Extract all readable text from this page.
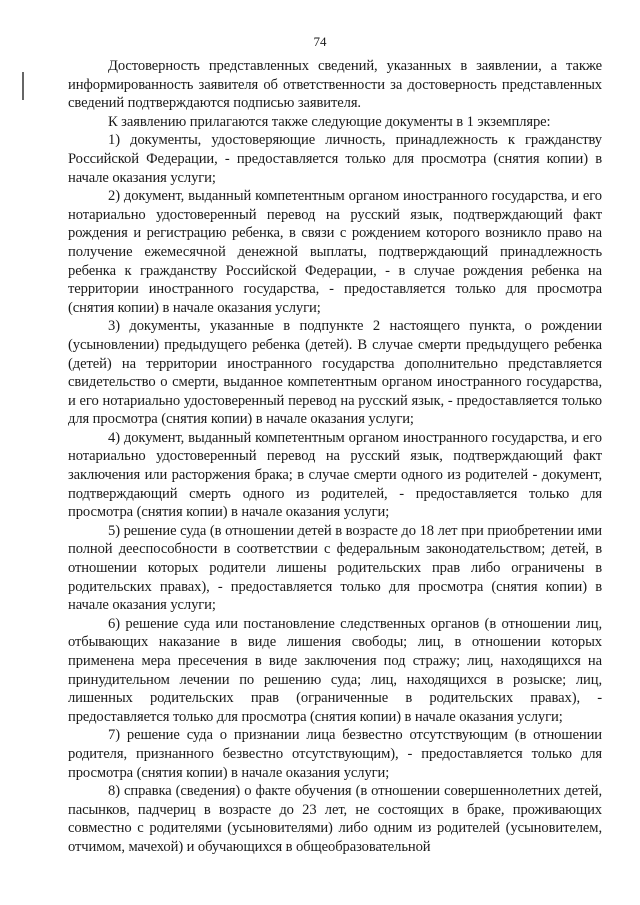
74

Достоверность представленных сведений, указанных в заявлении, а также информированность заявителя об ответственности за достоверность представленных сведений подтверждаются подписью заявителя.

К заявлению прилагаются также следующие документы в 1 экземпляре:

1) документы, удостоверяющие личность, принадлежность к гражданству Российской Федерации, - предоставляется только для просмотра (снятия копии) в начале оказания услуги;

2) документ, выданный компетентным органом иностранного государства, и его нотариально удостоверенный перевод на русский язык, подтверждающий факт рождения и регистрацию ребенка, в связи с рождением которого возникло право на получение ежемесячной денежной выплаты, подтверждающий принадлежность ребенка к гражданству Российской Федерации, - в случае рождения ребенка на территории иностранного государства, - предоставляется только для просмотра (снятия копии) в начале оказания услуги;

3) документы, указанные в подпункте 2 настоящего пункта, о рождении (усыновлении) предыдущего ребенка (детей). В случае смерти предыдущего ребенка (детей) на территории иностранного государства дополнительно представляется свидетельство о смерти, выданное компетентным органом иностранного государства, и его нотариально удостоверенный перевод на русский язык, - предоставляется только для просмотра (снятия копии) в начале оказания услуги;

4) документ, выданный компетентным органом иностранного государства, и его нотариально удостоверенный перевод на русский язык, подтверждающий факт заключения или расторжения брака; в случае смерти одного из родителей - документ, подтверждающий смерть одного из родителей, - предоставляется только для просмотра (снятия копии) в начале оказания услуги;

5) решение суда (в отношении детей в возрасте до 18 лет при приобретении ими полной дееспособности в соответствии с федеральным законодательством; детей, в отношении которых родители лишены родительских прав либо ограничены в родительских правах), - предоставляется только для просмотра (снятия копии) в начале оказания услуги;

6) решение суда или постановление следственных органов (в отношении лиц, отбывающих наказание в виде лишения свободы; лиц, в отношении которых применена мера пресечения в виде заключения под стражу; лиц, находящихся на принудительном лечении по решению суда; лиц, находящихся в розыске; лиц, лишенных родительских прав (ограниченные в родительских правах), - предоставляется только для просмотра (снятия копии) в начале оказания услуги;

7) решение суда о признании лица безвестно отсутствующим (в отношении родителя, признанного безвестно отсутствующим), - предоставляется только для просмотра (снятия копии) в начале оказания услуги;

8) справка (сведения) о факте обучения (в отношении совершеннолетних детей, пасынков, падчериц в возрасте до 23 лет, не состоящих в браке, проживающих совместно с родителями (усыновителями) либо одним из родителей (усыновителем, отчимом, мачехой) и обучающихся в общеобразовательной
